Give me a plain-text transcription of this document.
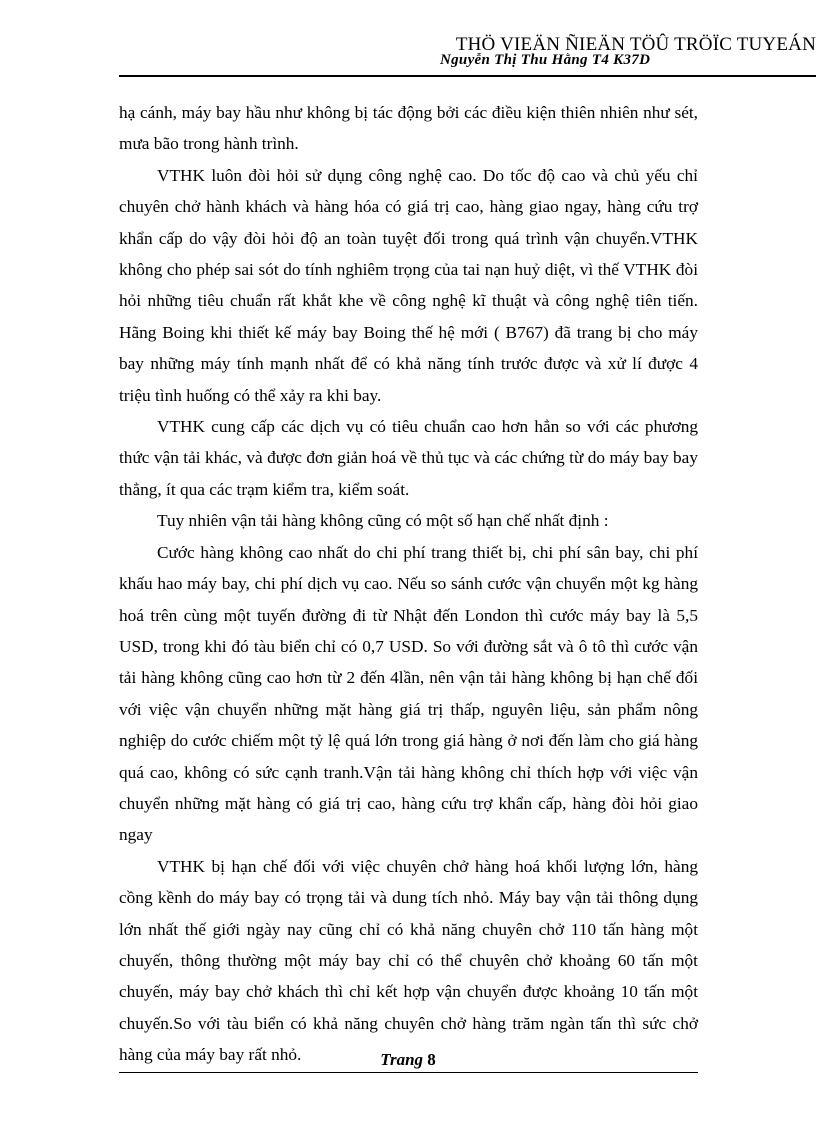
THÖ VIEÄN ÑIEÄN TÖÛ TRÖÏC TUYEÁN
Nguyễn Thị Thu Hằng T4 K37D

hạ cánh, máy bay hầu như không bị tác động bởi các điều kiện thiên nhiên như sét, mưa bão trong hành trình.

VTHK luôn đòi hỏi sử dụng công nghệ cao. Do tốc độ cao và chủ yếu chỉ chuyên chở hành khách và hàng hóa có giá trị cao, hàng giao ngay, hàng cứu trợ khẩn cấp do vậy đòi hỏi độ an toàn tuyệt đối trong quá trình vận chuyển.VTHK không cho phép sai sót do tính nghiêm trọng của tai nạn huỷ diệt, vì thế VTHK đòi hỏi những tiêu chuẩn rất khắt khe về công nghệ kĩ thuật và công nghệ tiên tiến. Hãng Boing khi thiết kế máy bay Boing thế hệ mới ( B767) đã trang bị cho máy bay những máy tính mạnh nhất để có khả năng tính trước được và xử lí được 4 triệu tình huống có thể xảy ra khi bay.

VTHK cung cấp các dịch vụ có tiêu chuẩn cao hơn hẳn so với các phương thức vận tải khác, và được đơn giản hoá về thủ tục và các chứng từ do máy bay bay thẳng, ít qua các trạm kiểm tra, kiểm soát.

Tuy nhiên vận tải hàng không cũng có một số hạn chế nhất định :

Cước hàng không cao nhất do chi phí trang thiết bị, chi phí sân bay, chi phí khấu hao máy bay, chi phí dịch vụ cao. Nếu so sánh cước vận chuyển một kg hàng hoá trên cùng một tuyến đường đi từ Nhật đến London thì cước máy bay là 5,5 USD, trong khi đó tàu biển chỉ có 0,7 USD. So với đường sắt và ô tô thì cước vận tải hàng không cũng cao hơn từ 2 đến 4lần, nên vận tải hàng không bị hạn chế đối với việc vận chuyển những mặt hàng giá trị thấp, nguyên liệu, sản phẩm nông nghiệp do cước chiếm một tỷ lệ quá lớn trong giá hàng ở nơi đến làm cho giá hàng quá cao, không có sức cạnh tranh.Vận tải hàng không chỉ thích hợp với việc vận chuyển những mặt hàng có giá trị cao, hàng cứu trợ khẩn cấp, hàng đòi hỏi giao ngay

VTHK bị hạn chế đối với việc chuyên chở hàng hoá khối lượng lớn, hàng cồng kềnh do máy bay có trọng tải và dung tích nhỏ. Máy bay vận tải thông dụng lớn nhất thế giới ngày nay cũng chỉ có khả năng chuyên chở 110 tấn hàng một chuyến, thông thường một máy bay chỉ có thể chuyên chở khoảng 60 tấn một chuyến, máy bay chở khách thì chỉ kết hợp vận chuyển được khoảng 10 tấn một chuyến.So với tàu biển có khả năng chuyên chở hàng trăm ngàn tấn thì sức chở hàng của máy bay rất nhỏ.	Trang 8
